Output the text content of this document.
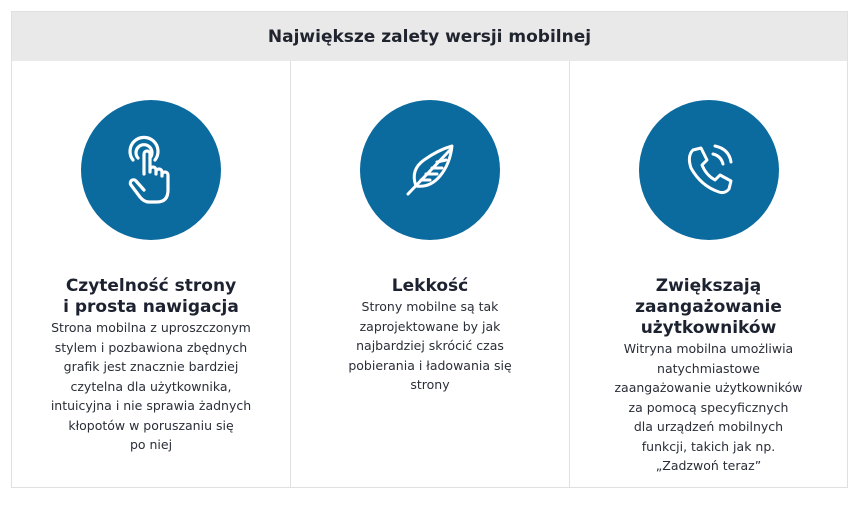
Największe zalety wersji mobilnej
Czytelność strony
i prosta nawigacja
Strona mobilna z uproszczonym
stylem i pozbawiona zbędnych
grafik jest znacznie bardziej
czytelna dla użytkownika,
intuicyjna i nie sprawia żadnych
kłopotów w poruszaniu się
po niej
Lekkość
Strony mobilne są tak
zaprojektowane by jak
najbardziej skrócić czas
pobierania i ładowania się
strony
Zwiększają
zaangażowanie
użytkowników
Witryna mobilna umożliwia
natychmiastowe
zaangażowanie użytkowników
za pomocą specyficznych
dla urządzeń mobilnych
funkcji, takich jak np.
„Zadzwoń teraz”
